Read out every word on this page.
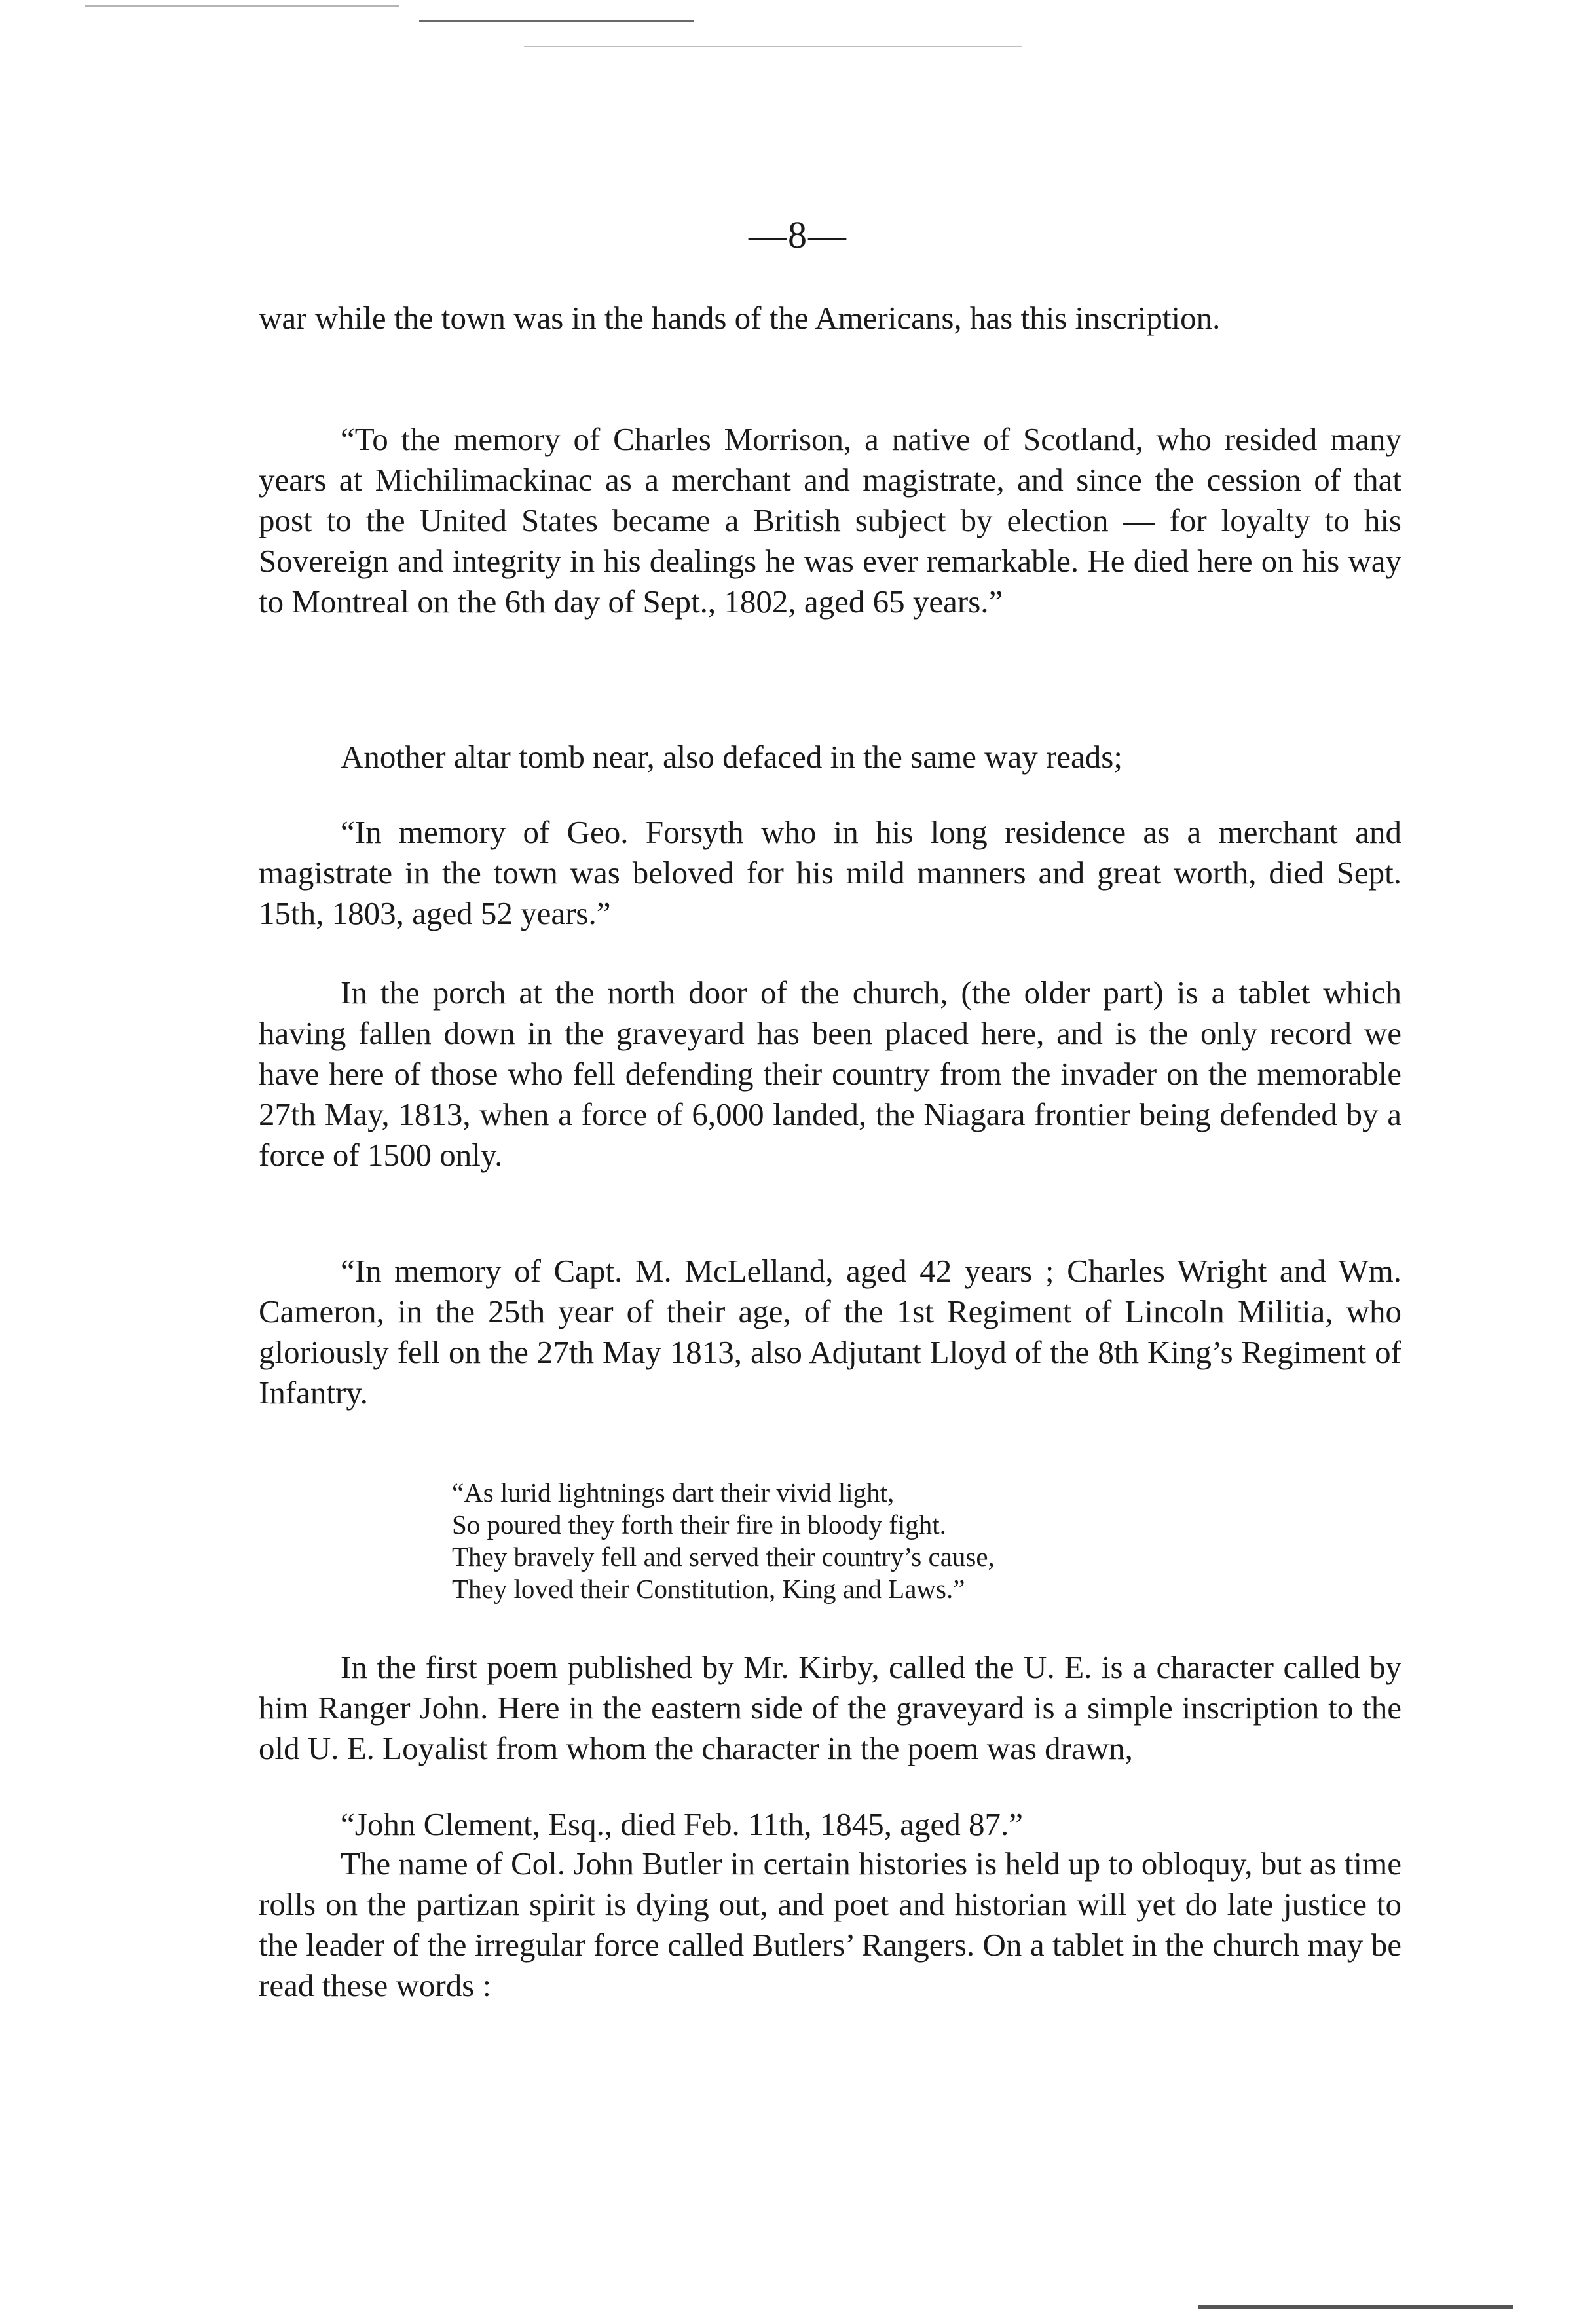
—8—
war while the town was in the hands of the Americans, has this inscription.
“To the memory of Charles Morrison, a native of Scotland, who resided many years at Michilimackinac as a merchant and magistrate, and since the cession of that post to the United States became a British subject by election — for loyalty to his Sovereign and integrity in his dealings he was ever remarkable. He died here on his way to Montreal on the 6th day of Sept., 1802, aged 65 years.”
Another altar tomb near, also defaced in the same way reads;
“In memory of Geo. Forsyth who in his long residence as a merchant and magistrate in the town was beloved for his mild manners and great worth, died Sept. 15th, 1803, aged 52 years.”
In the porch at the north door of the church, (the older part) is a tablet which having fallen down in the graveyard has been placed here, and is the only record we have here of those who fell defending their country from the invader on the memorable 27th May, 1813, when a force of 6,000 landed, the Niagara frontier being defended by a force of 1500 only.
“In memory of Capt. M. McLelland, aged 42 years ; Charles Wright and Wm. Cameron, in the 25th year of their age, of the 1st Regiment of Lincoln Militia, who gloriously fell on the 27th May 1813, also Adjutant Lloyd of the 8th King’s Regiment of Infantry.
“As lurid lightnings dart their vivid light,
So poured they forth their fire in bloody fight.
They bravely fell and served their country’s cause,
They loved their Constitution, King and Laws.”
In the first poem published by Mr. Kirby, called the U. E. is a character called by him Ranger John. Here in the eastern side of the graveyard is a simple inscription to the old U. E. Loyalist from whom the character in the poem was drawn,
“John Clement, Esq., died Feb. 11th, 1845, aged 87.”
The name of Col. John Butler in certain histories is held up to obloquy, but as time rolls on the partizan spirit is dying out, and poet and historian will yet do late justice to the leader of the irregular force called Butlers’ Rangers. On a tablet in the church may be read these words :
